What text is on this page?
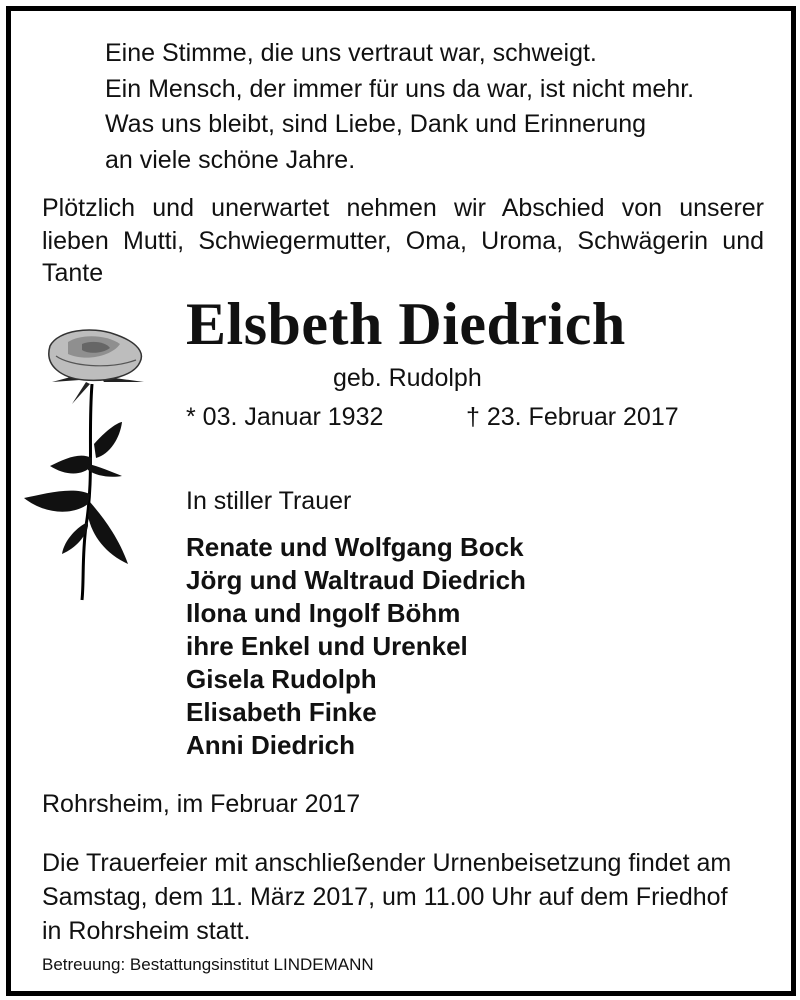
Eine Stimme, die uns vertraut war, schweigt.
Ein Mensch, der immer für uns da war, ist nicht mehr.
Was uns bleibt, sind Liebe, Dank und Erinnerung
an viele schöne Jahre.
Plötzlich und unerwartet nehmen wir Abschied von unserer
lieben Mutti, Schwiegermutter, Oma, Uroma, Schwägerin und
Tante
Elsbeth Diedrich
geb. Rudolph
* 03. Januar 1932	† 23. Februar 2017
In stiller Trauer
Renate und Wolfgang Bock
Jörg und Waltraud Diedrich
Ilona und Ingolf Böhm
ihre Enkel und Urenkel
Gisela Rudolph
Elisabeth Finke
Anni Diedrich
Rohrsheim, im Februar 2017
Die Trauerfeier mit anschließender Urnenbeisetzung findet am
Samstag, dem 11. März 2017, um 11.00 Uhr auf dem Friedhof
in Rohrsheim statt.
Betreuung: Bestattungsinstitut LINDEMANN
